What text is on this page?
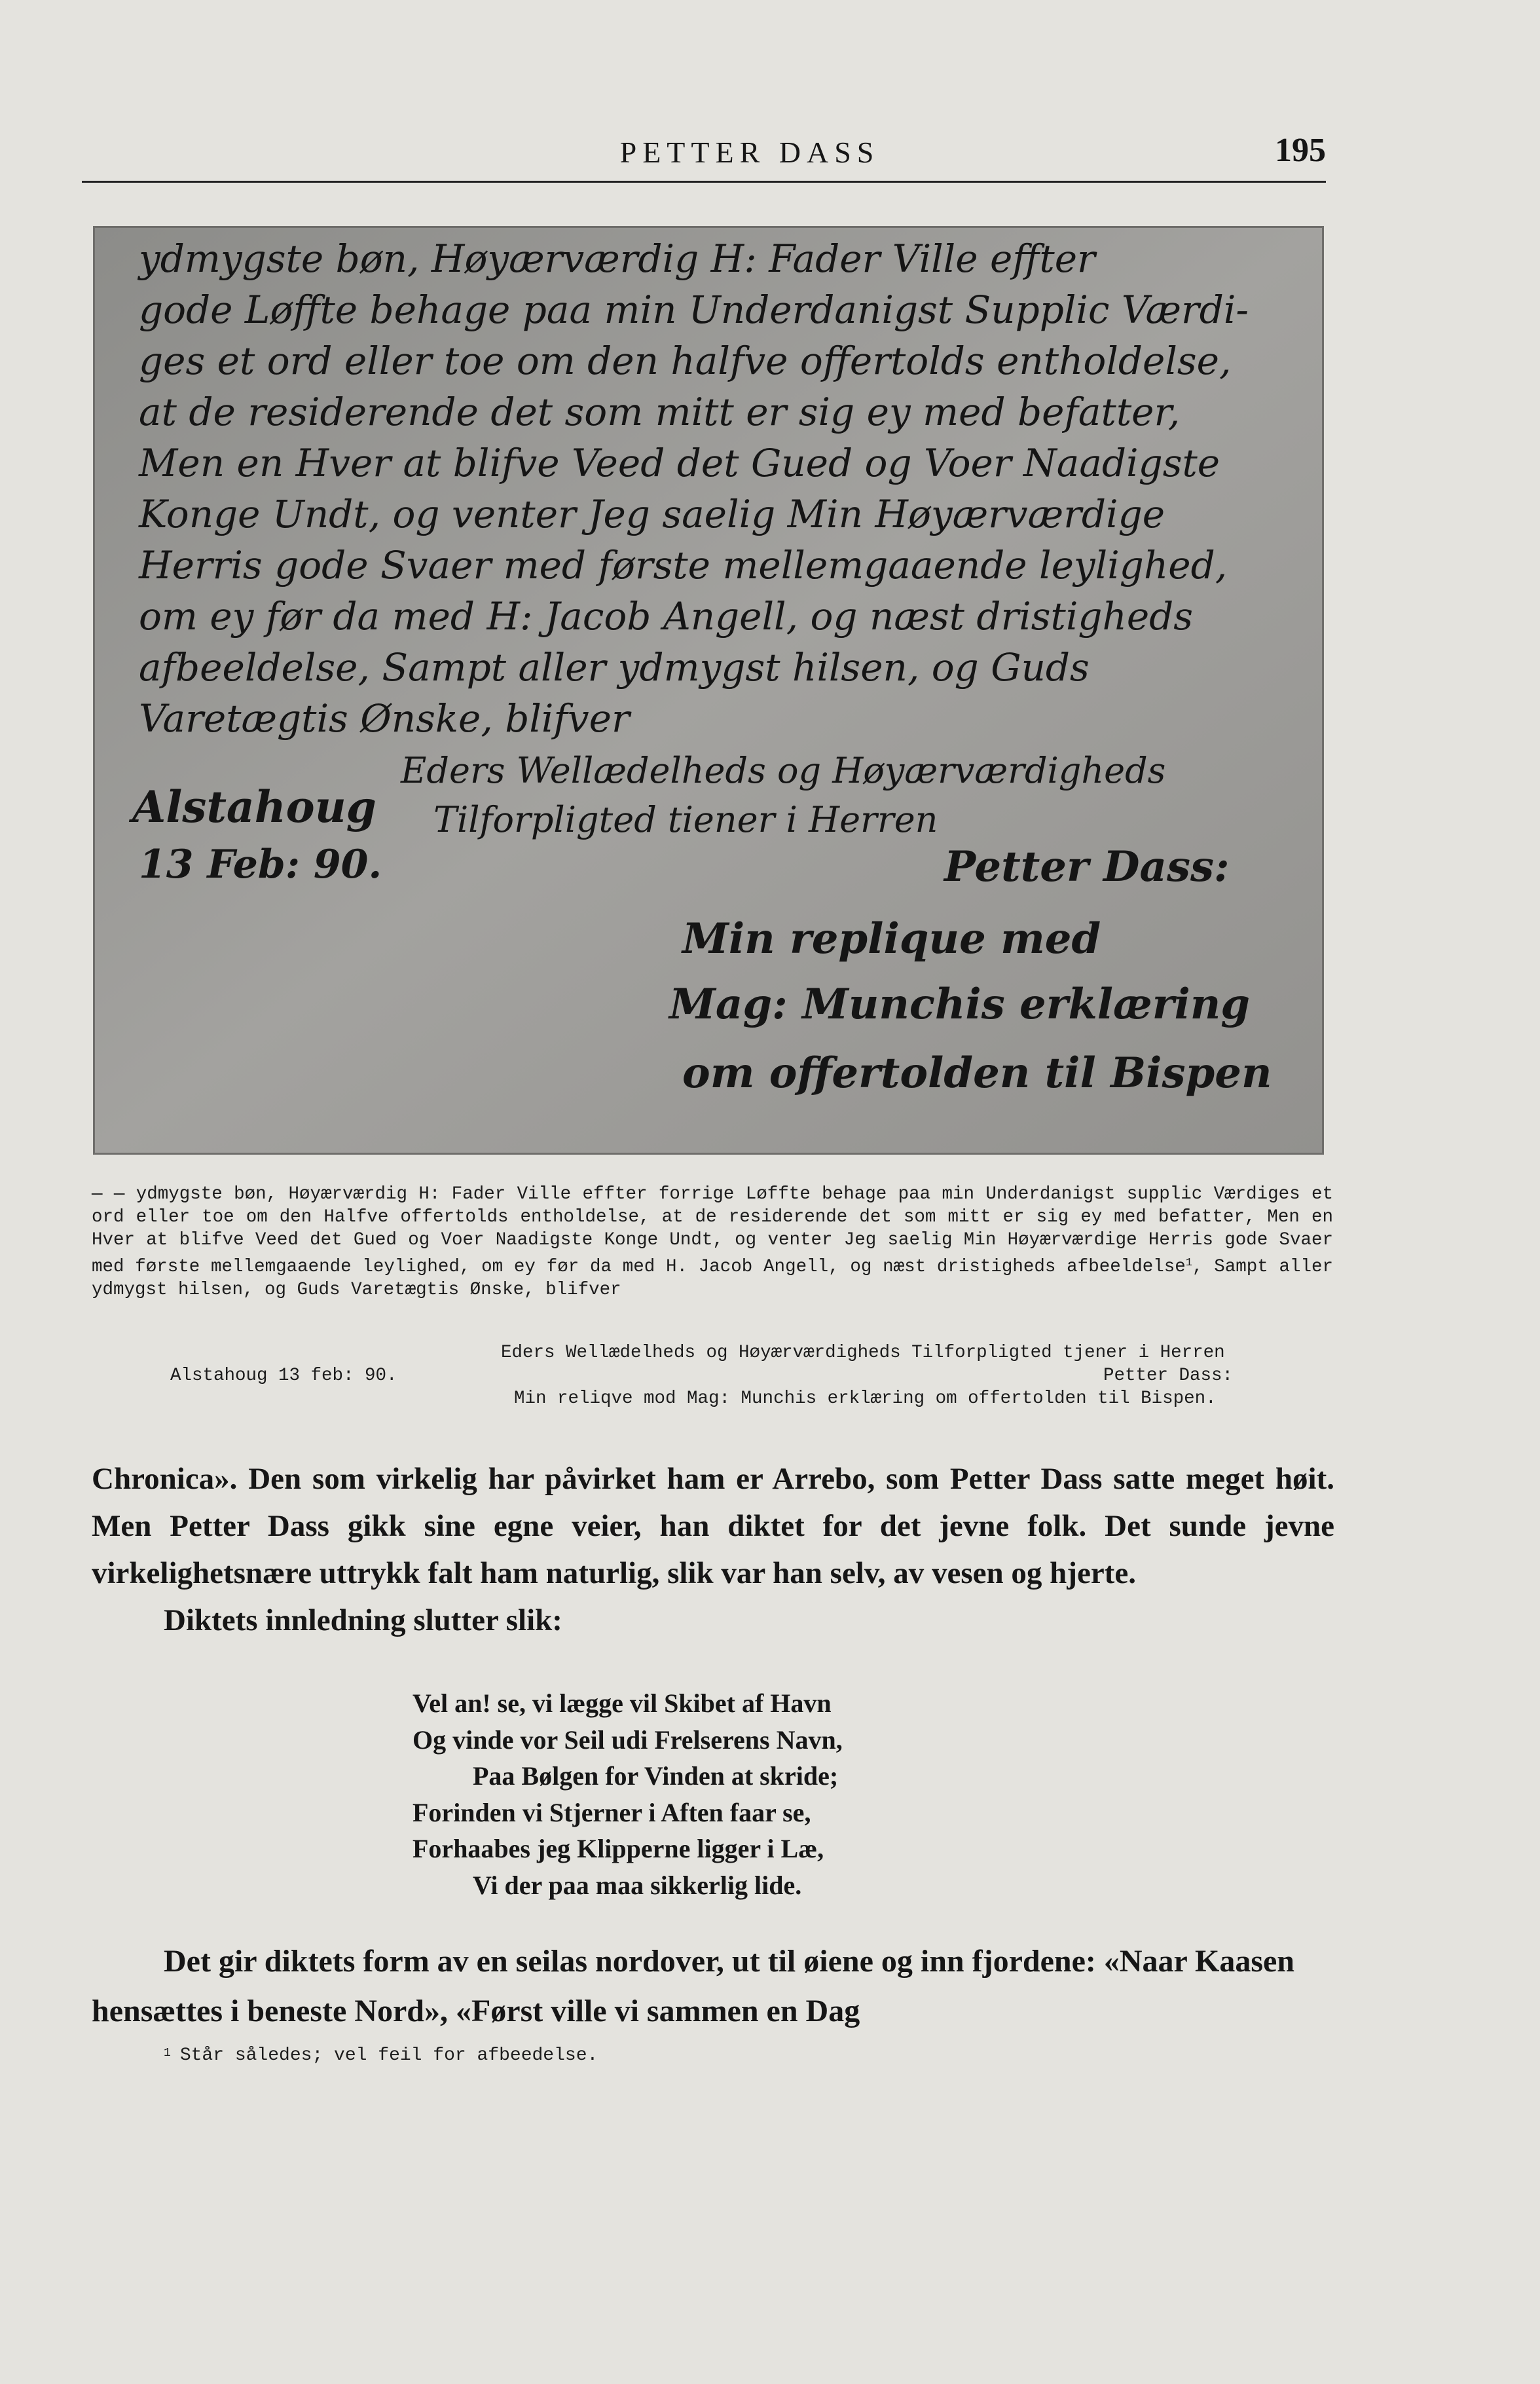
PETTER DASS	195
ydmygste bøn, Høyærværdig H: Fader Ville effter
gode Løffte behage paa min Underdanigst Supplic Værdi-
ges et ord eller toe om den halfve offertolds entholdelse,
at de residerende det som mitt er sig ey med befatter,
Men en Hver at blifve Veed det Gued og Voer Naadigste
Konge Undt, og venter Jeg saelig Min Høyærværdige
Herris gode Svaer med første mellemgaaende leylighed,
om ey før da med H: Jacob Angell, og næst dristigheds
afbeeldelse, Sampt aller ydmygst hilsen, og Guds
Varetægtis Ønske, blifver
Eders Wellædelheds og Høyærværdigheds
Tilforpligted tiener i Herren
Alstahoug
13 Feb: 90.	Petter Dass:
Min replique med
Mag: Munchis erklæring
om offertolden til Bispen

— — ydmygste bøn, Høyærværdig H: Fader Ville effter forrige Løffte behage paa min Underdanigst supplic Værdiges et ord eller toe om den Halfve offertolds entholdelse, at de residerende det som mitt er sig ey med befatter, Men en Hver at blifve Veed det Gued og Voer Naadigste Konge Undt, og venter Jeg saelig Min Høyærværdige Herris gode Svaer med første mellemgaaende leylighed, om ey før da med H. Jacob Angell, og næst dristigheds afbeeldelse$^1$, Sampt aller ydmygst hilsen, og Guds Varetægtis Ønske, blifver

Eders Wellædelheds og Høyærværdigheds Tilforpligted tjener i Herren
Alstahoug 13 feb: 90.	Petter Dass:
Min reliqve mod Mag: Munchis erklæring om offertolden til Bispen.

Chronica». Den som virkelig har påvirket ham er Arrebo, som Petter Dass satte meget høit. Men Petter Dass gikk sine egne veier, han diktet for det jevne folk. Det sunde jevne virkelighetsnære uttrykk falt ham naturlig, slik var han selv, av vesen og hjerte.

Diktets innledning slutter slik:

Vel an! se, vi lægge vil Skibet af Havn
Og vinde vor Seil udi Frelserens Navn,
Paa Bølgen for Vinden at skride;
Forinden vi Stjerner i Aften faar se,
Forhaabes jeg Klipperne ligger i Læ,
Vi der paa maa sikkerlig lide.

Det gir diktets form av en seilas nordover, ut til øiene og inn fjordene: «Naar Kaasen hensættes i beneste Nord», «Først ville vi sammen en Dag

$^1$ Står således; vel feil for afbeedelse.
